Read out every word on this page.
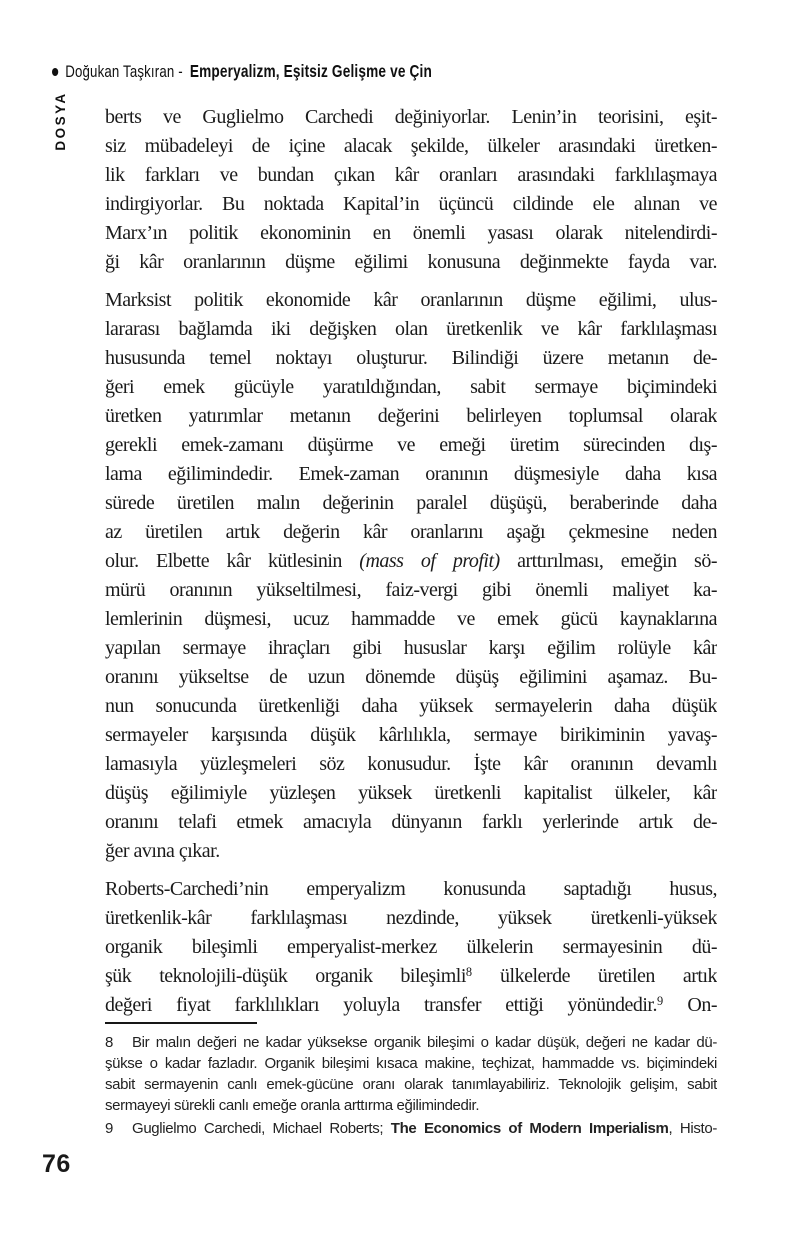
Doğukan Taşkıran - Emperyalizm, Eşitsiz Gelişme ve Çin
DOSYA berts ve Guglielmo Carchedi değiniyorlar. Lenin’in teorisini, eşit-
siz mübadeleyi de içine alacak şekilde, ülkeler arasındaki üretken-
lik farkları ve bundan çıkan kâr oranları arasındaki farklılaşmaya
indirgiyorlar. Bu noktada Kapital’in üçüncü cildinde ele alınan ve
Marx’ın politik ekonominin en önemli yasası olarak nitelendirdi-
ği kâr oranlarının düşme eğilimi konusuna değinmekte fayda var.
Marksist politik ekonomide kâr oranlarının düşme eğilimi, ulus-
lararası bağlamda iki değişken olan üretkenlik ve kâr farklılaşması
hususunda temel noktayı oluşturur. Bilindiği üzere metanın de-
ğeri emek gücüyle yaratıldığından, sabit sermaye biçimindeki
üretken yatırımlar metanın değerini belirleyen toplumsal olarak
gerekli emek-zamanı düşürme ve emeği üretim sürecinden dış-
lama eğilimindedir. Emek-zaman oranının düşmesiyle daha kısa
sürede üretilen malın değerinin paralel düşüşü, beraberinde daha
az üretilen artık değerin kâr oranlarını aşağı çekmesine neden
olur. Elbette kâr kütlesinin (mass of profit) arttırılması, emeğin sö-
mürü oranının yükseltilmesi, faiz-vergi gibi önemli maliyet ka-
lemlerinin düşmesi, ucuz hammadde ve emek gücü kaynaklarına
yapılan sermaye ihraçları gibi hususlar karşı eğilim rolüyle kâr
oranını yükseltse de uzun dönemde düşüş eğilimini aşamaz. Bu-
nun sonucunda üretkenliği daha yüksek sermayelerin daha düşük
sermayeler karşısında düşük kârlılıkla, sermaye birikiminin yavaş-
lamasıyla yüzleşmeleri söz konusudur. İşte kâr oranının devamlı
düşüş eğilimiyle yüzleşen yüksek üretkenli kapitalist ülkeler, kâr
oranını telafi etmek amacıyla dünyanın farklı yerlerinde artık de-
ğer avına çıkar.
Roberts-Carchedi’nin emperyalizm konusunda saptadığı husus,
üretkenlik-kâr farklılaşması nezdinde, yüksek üretkenli-yüksek
organik bileşimli emperyalist-merkez ülkelerin sermayesinin dü-
şük teknolojili-düşük organik bileşimli$^8$ ülkelerde üretilen artık
değeri fiyat farklılıkları yoluyla transfer ettiği yönündedir.$^9$ On-
8 Bir malın değeri ne kadar yüksekse organik bileşimi o kadar düşük, değeri ne kadar dü-
şükse o kadar fazladır. Organik bileşimi kısaca makine, teçhizat, hammadde vs. biçimindeki
sabit sermayenin canlı emek-gücüne oranı olarak tanımlayabiliriz. Teknolojik gelişim, sabit
sermayeyi sürekli canlı emeğe oranla arttırma eğilimindedir.
9 Guglielmo Carchedi, Michael Roberts; The Economics of Modern Imperialism, Histo-
76
